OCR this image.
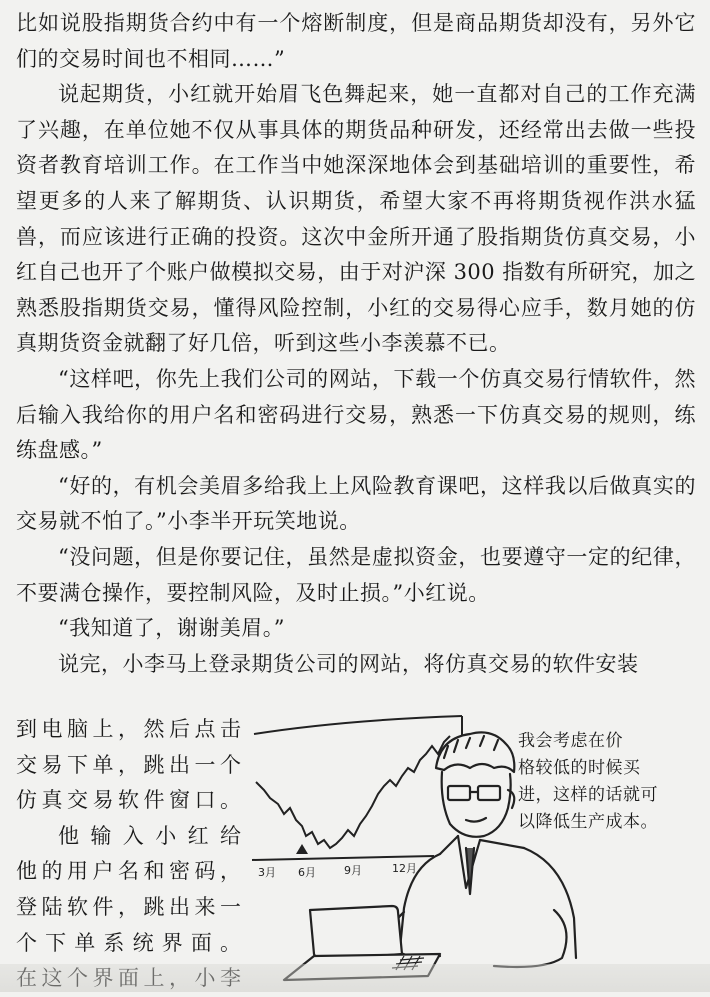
比如说股指期货合约中有一个熔断制度，但是商品期货却没有，另外它们的交易时间也不相同……”

说起期货，小红就开始眉飞色舞起来，她一直都对自己的工作充满了兴趣，在单位她不仅从事具体的期货品种研发，还经常出去做一些投资者教育培训工作。在工作当中她深深地体会到基础培训的重要性，希望更多的人来了解期货、认识期货，希望大家不再将期货视作洪水猛兽，而应该进行正确的投资。这次中金所开通了股指期货仿真交易，小红自己也开了个账户做模拟交易，由于对沪深 300 指数有所研究，加之熟悉股指期货交易，懂得风险控制，小红的交易得心应手，数月她的仿真期货资金就翻了好几倍，听到这些小李羡慕不已。

“这样吧，你先上我们公司的网站，下载一个仿真交易行情软件，然后输入我给你的用户名和密码进行交易，熟悉一下仿真交易的规则，练练盘感。”

“好的，有机会美眉多给我上上风险教育课吧，这样我以后做真实的交易就不怕了。”小李半开玩笑地说。

“没问题，但是你要记住，虽然是虚拟资金，也要遵守一定的纪律，不要满仓操作，要控制风险，及时止损。”小红说。

“我知道了，谢谢美眉。”

说完，小李马上登录期货公司的网站，将仿真交易的软件安装

到电脑上，然后点击

交易下单，跳出一个

仿真交易软件窗口。

他输入小红给

他的用户名和密码，

登陆软件，跳出来一

个下单系统界面。

在这个界面上，小李

3月 6月	9月	12月

我会考虑在价

格较低的时候买

进，这样的话就可

以降低生产成本。
